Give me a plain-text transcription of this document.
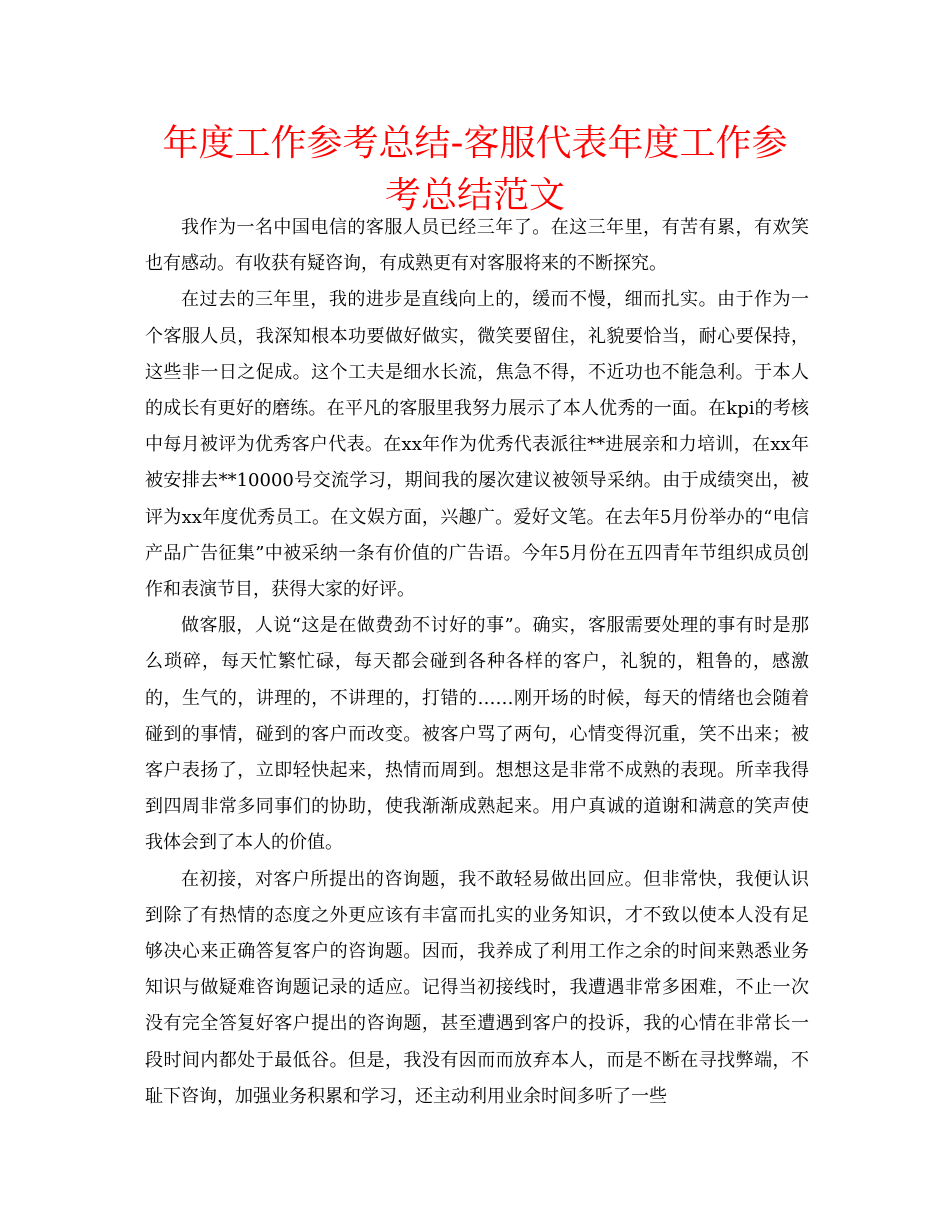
年度工作参考总结-客服代表年度工作参考总结范文

我作为一名中国电信的客服人员已经三年了。在这三年里，有苦有累，有欢笑也有感动。有收获有疑咨询，有成熟更有对客服将来的不断探究。

在过去的三年里，我的进步是直线向上的，缓而不慢，细而扎实。由于作为一个客服人员，我深知根本功要做好做实，微笑要留住，礼貌要恰当，耐心要保持，这些非一日之促成。这个工夫是细水长流，焦急不得，不近功也不能急利。于本人的成长有更好的磨练。在平凡的客服里我努力展示了本人优秀的一面。在kpi的考核中每月被评为优秀客户代表。在xx年作为优秀代表派往**进展亲和力培训，在xx年被安排去**10000号交流学习，期间我的屡次建议被领导采纳。由于成绩突出，被评为xx年度优秀员工。在文娱方面，兴趣广。爱好文笔。在去年5月份举办的“电信产品广告征集”中被采纳一条有价值的广告语。今年5月份在五四青年节组织成员创作和表演节目，获得大家的好评。

做客服，人说“这是在做费劲不讨好的事”。确实，客服需要处理的事有时是那么琐碎，每天忙繁忙碌，每天都会碰到各种各样的客户，礼貌的，粗鲁的，感激的，生气的，讲理的，不讲理的，打错的……刚开场的时候，每天的情绪也会随着碰到的事情，碰到的客户而改变。被客户骂了两句，心情变得沉重，笑不出来；被客户表扬了，立即轻快起来，热情而周到。想想这是非常不成熟的表现。所幸我得到四周非常多同事们的协助，使我渐渐成熟起来。用户真诚的道谢和满意的笑声使我体会到了本人的价值。

在初接，对客户所提出的咨询题，我不敢轻易做出回应。但非常快，我便认识到除了有热情的态度之外更应该有丰富而扎实的业务知识，才不致以使本人没有足够决心来正确答复客户的咨询题。因而，我养成了利用工作之余的时间来熟悉业务知识与做疑难咨询题记录的适应。记得当初接线时，我遭遇非常多困难，不止一次没有完全答复好客户提出的咨询题，甚至遭遇到客户的投诉，我的心情在非常长一段时间内都处于最低谷。但是，我没有因而而放弃本人，而是不断在寻找弊端，不耻下咨询，加强业务积累和学习，还主动利用业余时间多听了一些
